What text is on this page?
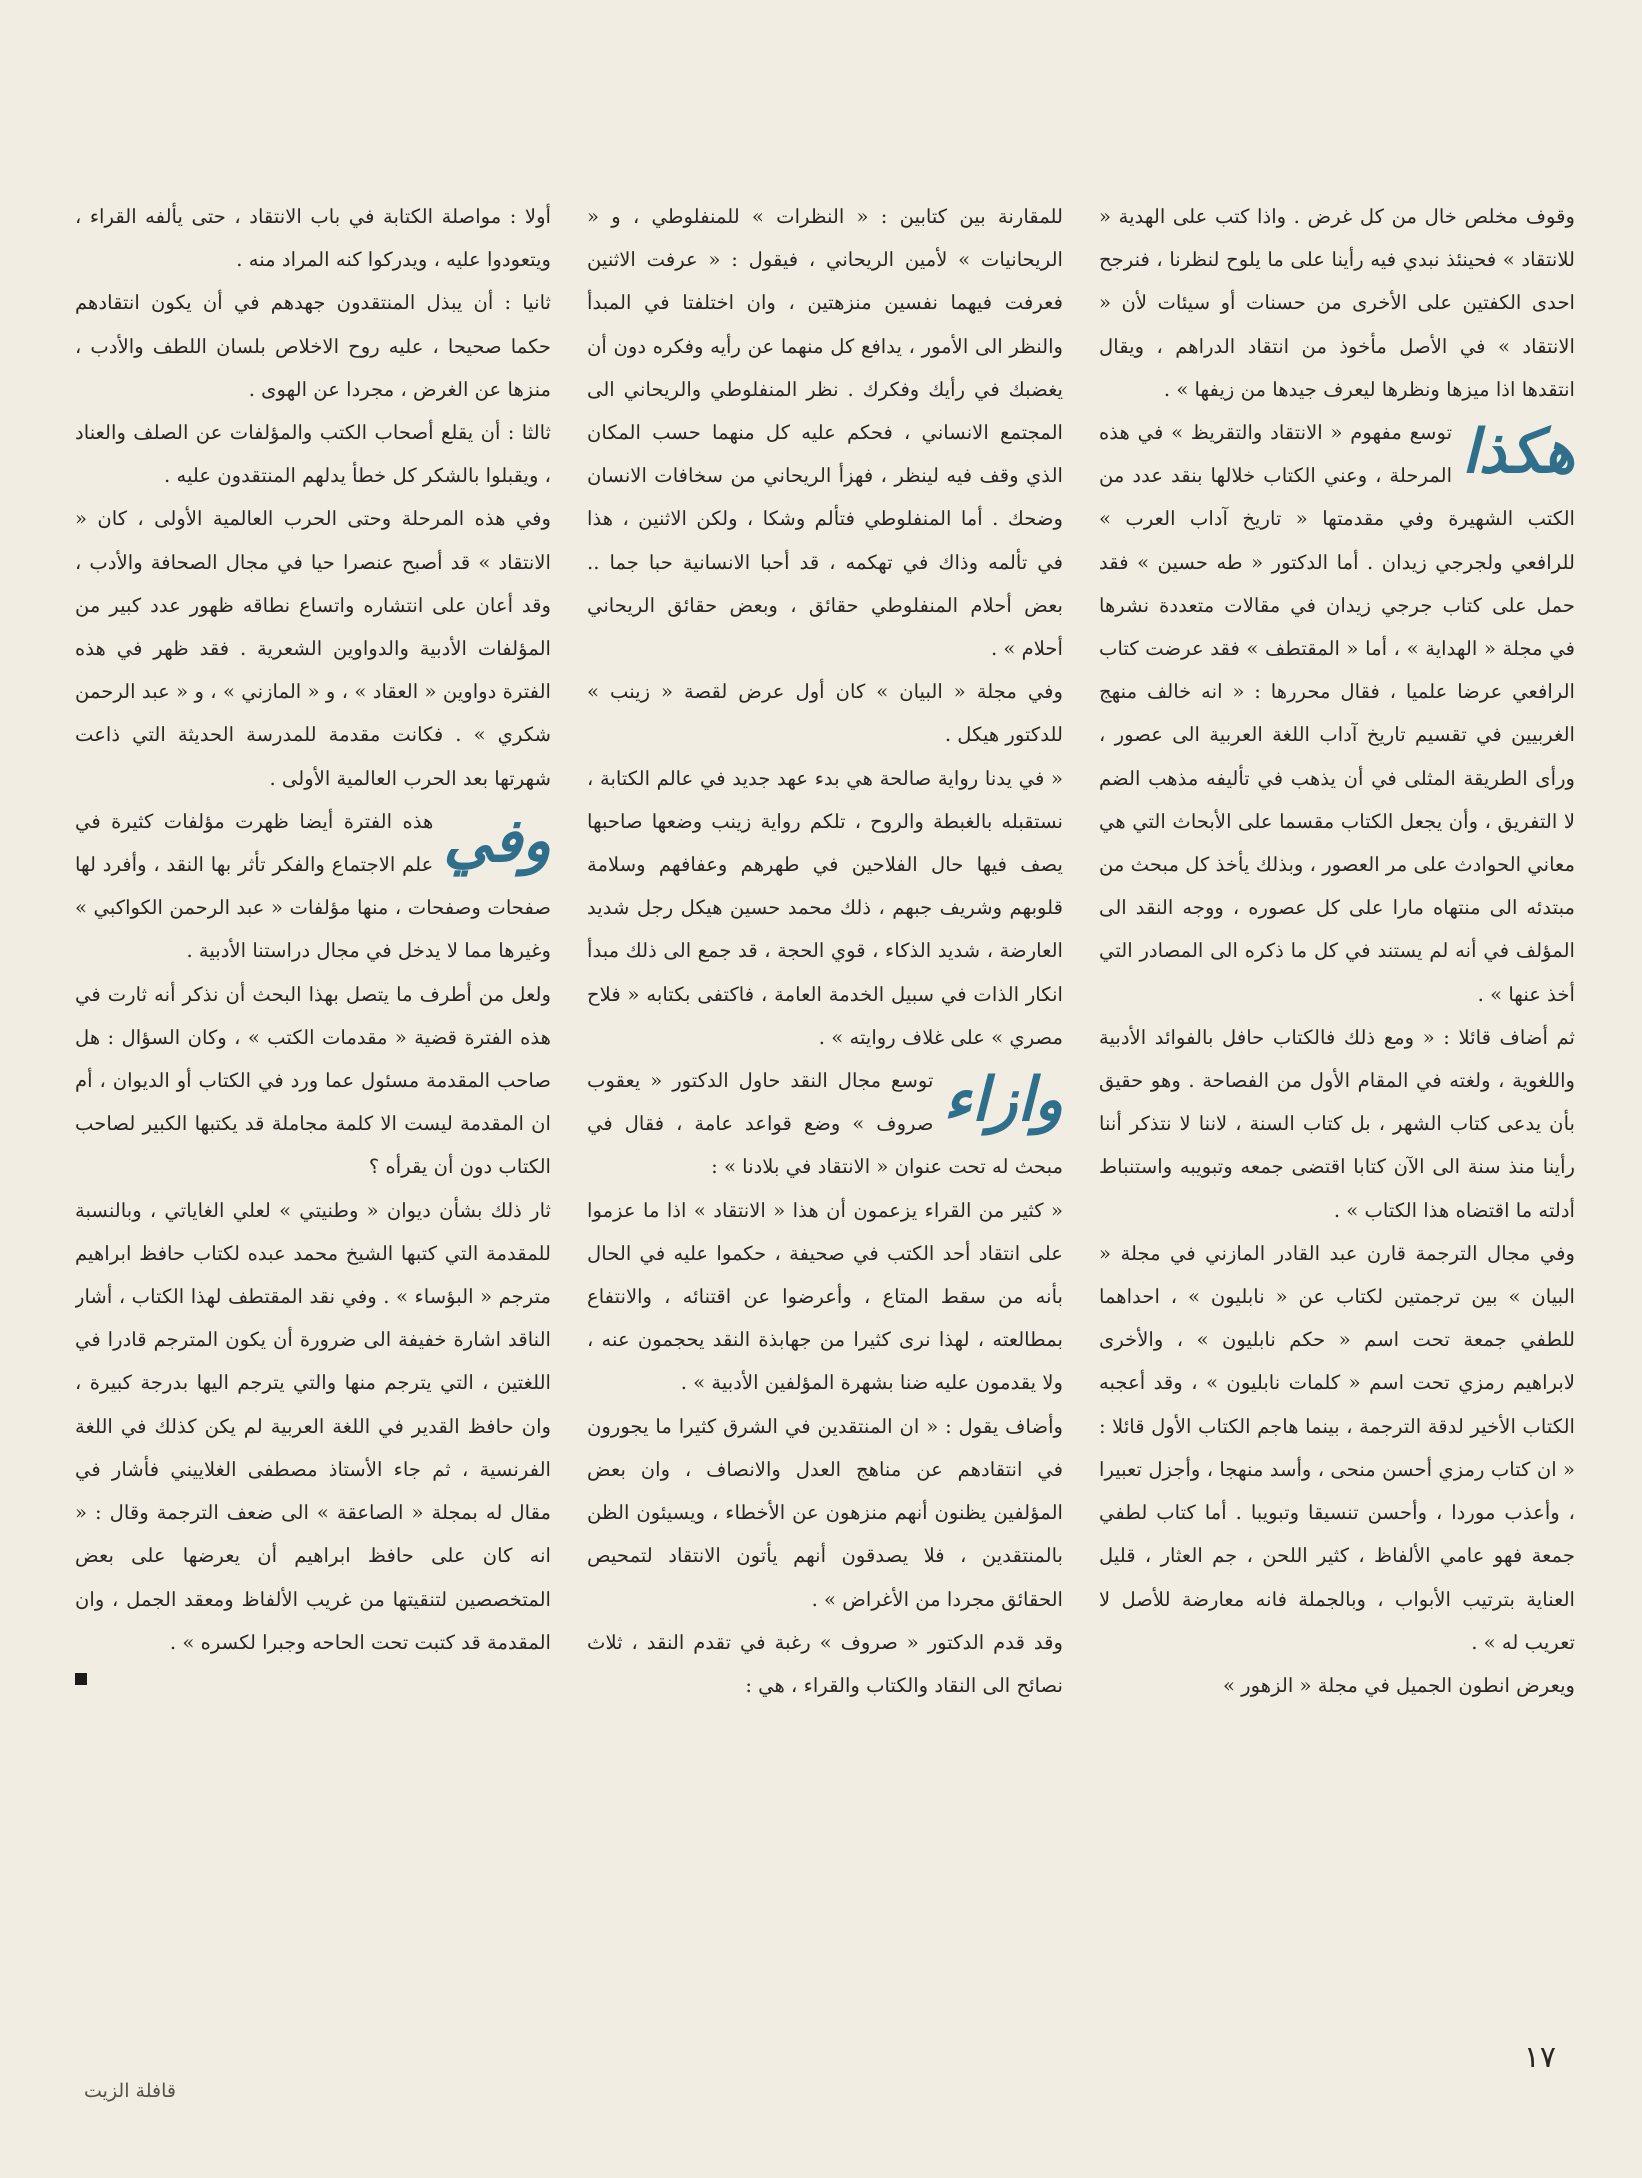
وقوف مخلص خال من كل غرض . واذا كتب على الهدية « للانتقاد » فحينئذ نبدي فيه رأينا على ما يلوح لنظرنا ، فنرجح احدى الكفتين على الأخرى من حسنات أو سيئات لأن « الانتقاد » في الأصل مأخوذ من انتقاد الدراهم ، ويقال انتقدها اذا ميزها ونظرها ليعرف جيدها من زيفها » .

هكذا
توسع مفهوم « الانتقاد والتقريظ » في هذه المرحلة ، وعني الكتاب خلالها بنقد عدد من الكتب الشهيرة وفي مقدمتها « تاريخ آداب العرب » للرافعي ولجرجي زيدان . أما الدكتور « طه حسين » فقد حمل على كتاب جرجي زيدان في مقالات متعددة نشرها في مجلة « الهداية » ، أما « المقتطف » فقد عرضت كتاب الرافعي عرضا علميا ، فقال محررها : « انه خالف منهج الغربيين في تقسيم تاريخ آداب اللغة العربية الى عصور ، ورأى الطريقة المثلى في أن يذهب في تأليفه مذهب الضم لا التفريق ، وأن يجعل الكتاب مقسما على الأبحاث التي هي معاني الحوادث على مر العصور ، وبذلك يأخذ كل مبحث من مبتدئه الى منتهاه مارا على كل عصوره ، ووجه النقد الى المؤلف في أنه لم يستند في كل ما ذكره الى المصادر التي أخذ عنها » .

ثم أضاف قائلا : « ومع ذلك فالكتاب حافل بالفوائد الأدبية واللغوية ، ولغته في المقام الأول من الفصاحة . وهو حقيق بأن يدعى كتاب الشهر ، بل كتاب السنة ، لاننا لا نتذكر أننا رأينا منذ سنة الى الآن كتابا اقتضى جمعه وتبويبه واستنباط أدلته ما اقتضاه هذا الكتاب » .

وفي مجال الترجمة قارن عبد القادر المازني في مجلة « البيان » بين ترجمتين لكتاب عن « نابليون » ، احداهما للطفي جمعة تحت اسم « حكم نابليون » ، والأخرى لابراهيم رمزي تحت اسم « كلمات نابليون » ، وقد أعجبه الكتاب الأخير لدقة الترجمة ، بينما هاجم الكتاب الأول قائلا : « ان كتاب رمزي أحسن منحى ، وأسد منهجا ، وأجزل تعبيرا ، وأعذب موردا ، وأحسن تنسيقا وتبويبا . أما كتاب لطفي جمعة فهو عامي الألفاظ ، كثير اللحن ، جم العثار ، قليل العناية بترتيب الأبواب ، وبالجملة فانه معارضة للأصل لا تعريب له » .

ويعرض انطون الجميل في مجلة « الزهور »

للمقارنة بين كتابين : « النظرات » للمنفلوطي ، و « الريحانيات » لأمين الريحاني ، فيقول : « عرفت الاثنين فعرفت فيهما نفسين منزهتين ، وان اختلفتا في المبدأ والنظر الى الأمور ، يدافع كل منهما عن رأيه وفكره دون أن يغضبك في رأيك وفكرك . نظر المنفلوطي والريحاني الى المجتمع الانساني ، فحكم عليه كل منهما حسب المكان الذي وقف فيه لينظر ، فهزأ الريحاني من سخافات الانسان وضحك . أما المنفلوطي فتألم وشكا ، ولكن الاثنين ، هذا في تألمه وذاك في تهكمه ، قد أحبا الانسانية حبا جما .. بعض أحلام المنفلوطي حقائق ، وبعض حقائق الريحاني أحلام » .

وفي مجلة « البيان » كان أول عرض لقصة « زينب » للدكتور هيكل .

« في يدنا رواية صالحة هي بدء عهد جديد في عالم الكتابة ، نستقبله بالغبطة والروح ، تلكم رواية زينب وضعها صاحبها يصف فيها حال الفلاحين في طهرهم وعفافهم وسلامة قلوبهم وشريف جبهم ، ذلك محمد حسين هيكل رجل شديد العارضة ، شديد الذكاء ، قوي الحجة ، قد جمع الى ذلك مبدأ انكار الذات في سبيل الخدمة العامة ، فاكتفى بكتابه « فلاح مصري » على غلاف روايته » .

وازاء
توسع مجال النقد حاول الدكتور « يعقوب صروف » وضع قواعد عامة ، فقال في مبحث له تحت عنوان « الانتقاد في بلادنا » :

« كثير من القراء يزعمون أن هذا « الانتقاد » اذا ما عزموا على انتقاد أحد الكتب في صحيفة ، حكموا عليه في الحال بأنه من سقط المتاع ، وأعرضوا عن اقتنائه ، والانتفاع بمطالعته ، لهذا نرى كثيرا من جهابذة النقد يحجمون عنه ، ولا يقدمون عليه ضنا بشهرة المؤلفين الأدبية » .

وأضاف يقول : « ان المنتقدين في الشرق كثيرا ما يجورون في انتقادهم عن مناهج العدل والانصاف ، وان بعض المؤلفين يظنون أنهم منزهون عن الأخطاء ، ويسيئون الظن بالمنتقدين ، فلا يصدقون أنهم يأتون الانتقاد لتمحيص الحقائق مجردا من الأغراض » .

وقد قدم الدكتور « صروف » رغبة في تقدم النقد ، ثلاث نصائح الى النقاد والكتاب والقراء ، هي :

أولا : مواصلة الكتابة في باب الانتقاد ، حتى يألفه القراء ، ويتعودوا عليه ، ويدركوا كنه المراد منه .

ثانيا : أن يبذل المنتقدون جهدهم في أن يكون انتقادهم حكما صحيحا ، عليه روح الاخلاص بلسان اللطف والأدب ، منزها عن الغرض ، مجردا عن الهوى .

ثالثا : أن يقلع أصحاب الكتب والمؤلفات عن الصلف والعناد ، ويقبلوا بالشكر كل خطأ يدلهم المنتقدون عليه .

وفي هذه المرحلة وحتى الحرب العالمية الأولى ، كان « الانتقاد » قد أصبح عنصرا حيا في مجال الصحافة والأدب ، وقد أعان على انتشاره واتساع نطاقه ظهور عدد كبير من المؤلفات الأدبية والدواوين الشعرية . فقد ظهر في هذه الفترة دواوين « العقاد » ، و « المازني » ، و « عبد الرحمن شكري » . فكانت مقدمة للمدرسة الحديثة التي ذاعت شهرتها بعد الحرب العالمية الأولى .

وفي
هذه الفترة أيضا ظهرت مؤلفات كثيرة في علم الاجتماع والفكر تأثر بها النقد ، وأفرد لها صفحات وصفحات ، منها مؤلفات « عبد الرحمن الكواكبي » وغيرها مما لا يدخل في مجال دراستنا الأدبية .

ولعل من أطرف ما يتصل بهذا البحث أن نذكر أنه ثارت في هذه الفترة قضية « مقدمات الكتب » ، وكان السؤال : هل صاحب المقدمة مسئول عما ورد في الكتاب أو الديوان ، أم ان المقدمة ليست الا كلمة مجاملة قد يكتبها الكبير لصاحب الكتاب دون أن يقرأه ؟

ثار ذلك بشأن ديوان « وطنيتي » لعلي الغاياتي ، وبالنسبة للمقدمة التي كتبها الشيخ محمد عبده لكتاب حافظ ابراهيم مترجم « البؤساء » . وفي نقد المقتطف لهذا الكتاب ، أشار الناقد اشارة خفيفة الى ضرورة أن يكون المترجم قادرا في اللغتين ، التي يترجم منها والتي يترجم اليها بدرجة كبيرة ، وان حافظ القدير في اللغة العربية لم يكن كذلك في اللغة الفرنسية ، ثم جاء الأستاذ مصطفى الغلاييني فأشار في مقال له بمجلة « الصاعقة » الى ضعف الترجمة وقال : « انه كان على حافظ ابراهيم أن يعرضها على بعض المتخصصين لتنقيتها من غريب الألفاظ ومعقد الجمل ، وان المقدمة قد كتبت تحت الحاحه وجبرا لكسره » .

١٧
قافلة الزيت
